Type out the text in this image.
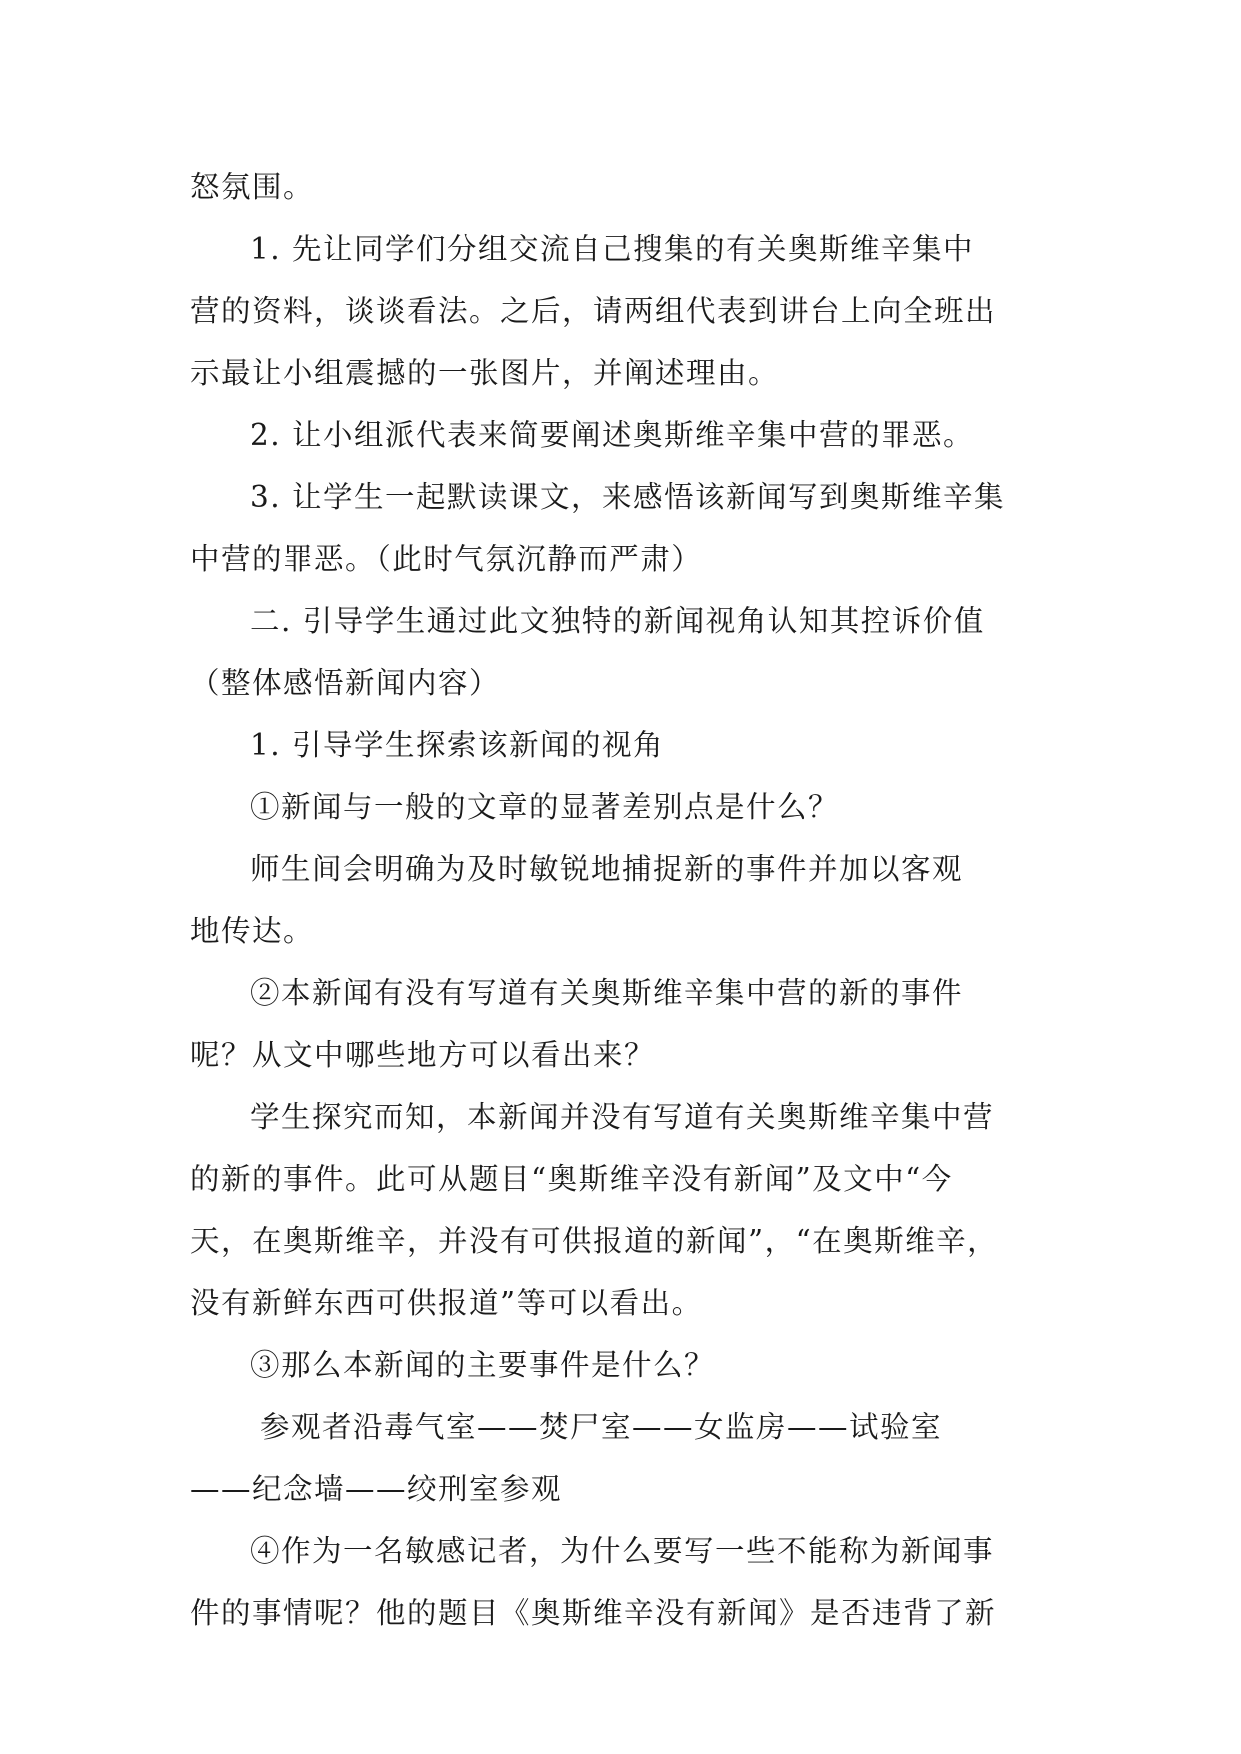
怒氛围。
1. 先让同学们分组交流自己搜集的有关奥斯维辛集中
营的资料，谈谈看法。之后，请两组代表到讲台上向全班出
示最让小组震撼的一张图片，并阐述理由。
2. 让小组派代表来简要阐述奥斯维辛集中营的罪恶。
3. 让学生一起默读课文，来感悟该新闻写到奥斯维辛集
中营的罪恶。（此时气氛沉静而严肃）
二. 引导学生通过此文独特的新闻视角认知其控诉价值
（整体感悟新闻内容）
1. 引导学生探索该新闻的视角
①新闻与一般的文章的显著差别点是什么？
师生间会明确为及时敏锐地捕捉新的事件并加以客观
地传达。
②本新闻有没有写道有关奥斯维辛集中营的新的事件
呢？从文中哪些地方可以看出来？
学生探究而知，本新闻并没有写道有关奥斯维辛集中营
的新的事件。此可从题目“奥斯维辛没有新闻”及文中“今
天，在奥斯维辛，并没有可供报道的新闻”，“在奥斯维辛，
没有新鲜东西可供报道”等可以看出。
③那么本新闻的主要事件是什么？
参观者沿毒气室——焚尸室——女监房——试验室
——纪念墙——绞刑室参观
④作为一名敏感记者，为什么要写一些不能称为新闻事
件的事情呢？他的题目《奥斯维辛没有新闻》是否违背了新
